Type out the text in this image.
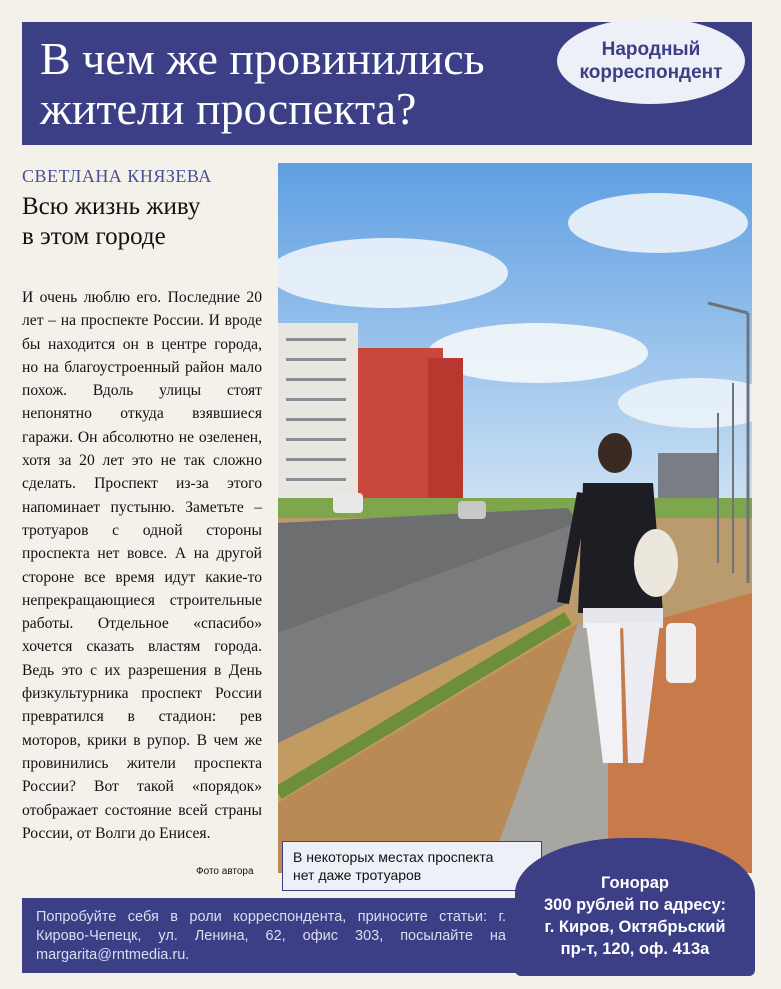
В чем же провинились
жители проспекта?
Народный
корреспондент
СВЕТЛАНА КНЯЗЕВА
Всю жизнь живу
в этом городе
И очень люблю его. Последние 20 лет – на проспекте России. И вроде бы находится он в центре города, но на благоустроенный район мало похож. Вдоль улицы стоят непонятно откуда взявшиеся гаражи. Он абсолютно не озеленен, хотя за 20 лет это не так сложно сделать. Проспект из-за этого напоминает пустыню. Заметьте – тротуаров с одной стороны проспекта нет вовсе. А на другой стороне все время идут какие-то непрекращающиеся строительные работы. Отдельное «спасибо» хочется сказать властям города. Ведь это с их разрешения в День физкультурника проспект России превратился в стадион: рев моторов, крики в рупор. В чем же провинились жители проспекта России? Вот такой «порядок» отображает состояние всей страны России, от Волги до Енисея.
Фото автора
В некоторых местах проспекта
нет даже тротуаров
Попробуйте себя в роли корреспондента, приносите статьи: г. Кирово-Чепецк, ул. Ленина, 62, офис 303, посылайте на margarita@rntmedia.ru.
Гонорар
300 рублей по адресу:
г. Киров, Октябрьский
пр-т, 120, оф. 413а
